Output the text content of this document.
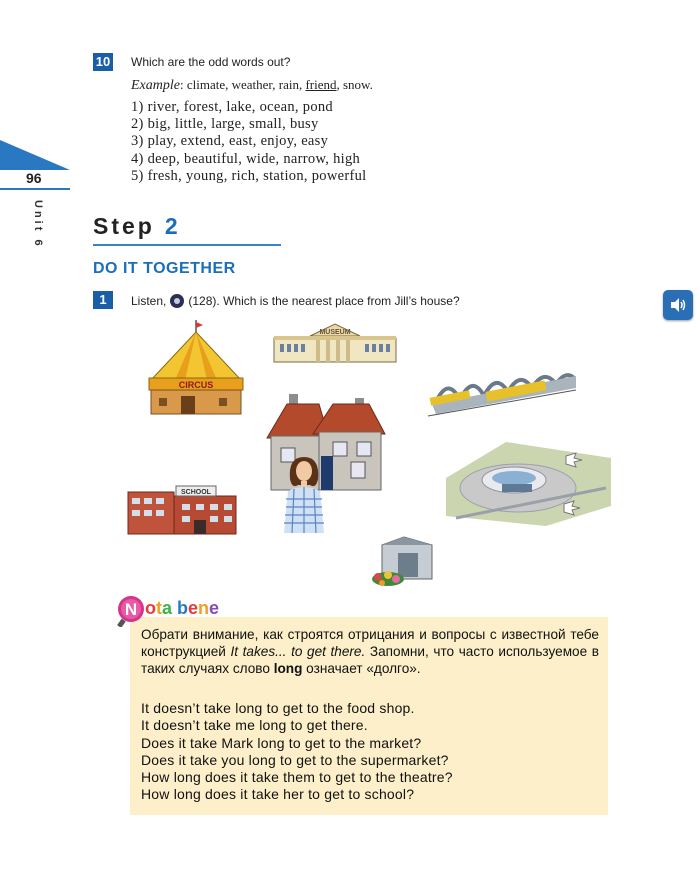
96
Unit 6
10 Which are the odd words out?
Example: climate, weather, rain, friend, snow.
1) river, forest, lake, ocean, pond
2) big, little, large, small, busy
3) play, extend, east, enjoy, easy
4) deep, beautiful, wide, narrow, high
5) fresh, young, rich, station, powerful
Step 2
DO IT TOGETHER
1	Listen, (128). Which is the nearest place from Jill’s house?
CIRCUS
MUSEUM
SCHOOL
N ota bene
Обрати внимание, как строятся отрицания и вопросы с известной тебе конструкцией It takes... to get there. Запомни, что часто используемое в таких случаях слово long означает «долго».
It doesn’t take long to get to the food shop.
It doesn’t take me long to get there.
Does it take Mark long to get to the market?
Does it take you long to get to the supermarket?
How long does it take them to get to the theatre?
How long does it take her to get to school?
